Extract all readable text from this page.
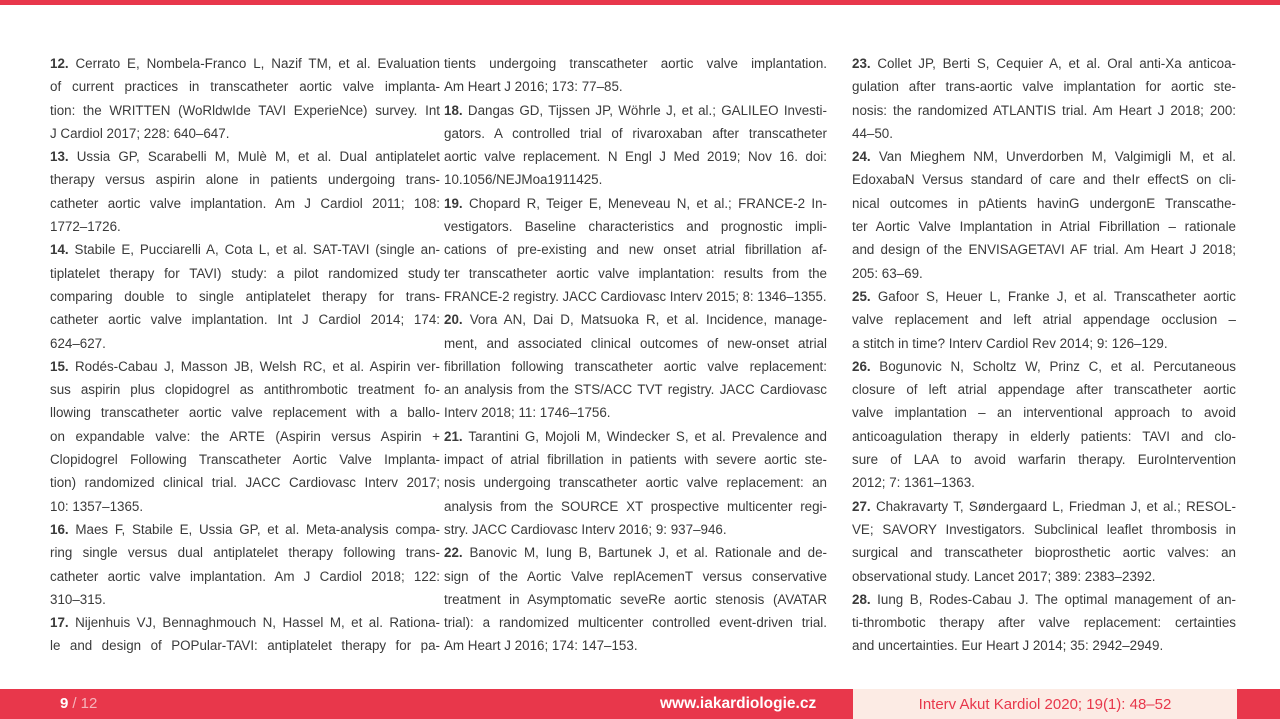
12. Cerrato E, Nombela-Franco L, Nazif TM, et al. Evaluation
of current practices in transcatheter aortic valve implanta-
tion: the WRITTEN (WoRldwIde TAVI ExperieNce) survey. Int
J Cardiol 2017; 228: 640–647.
13. Ussia GP, Scarabelli M, Mulè M, et al. Dual antiplatelet
therapy versus aspirin alone in patients undergoing trans-
catheter aortic valve implantation. Am J Cardiol 2011; 108:
1772–1726.
14. Stabile E, Pucciarelli A, Cota L, et al. SAT-TAVI (single an-
tiplatelet therapy for TAVI) study: a pilot randomized study
comparing double to single antiplatelet therapy for trans-
catheter aortic valve implantation. Int J Cardiol 2014; 174:
624–627.
15. Rodés-Cabau J, Masson JB, Welsh RC, et al. Aspirin ver-
sus aspirin plus clopidogrel as antithrombotic treatment fo-
llowing transcatheter aortic valve replacement with a ballo-
on expandable valve: the ARTE (Aspirin versus Aspirin +
Clopidogrel Following Transcatheter Aortic Valve Implanta-
tion) randomized clinical trial. JACC Cardiovasc Interv 2017;
10: 1357–1365.
16. Maes F, Stabile E, Ussia GP, et al. Meta-analysis compa-
ring single versus dual antiplatelet therapy following trans-
catheter aortic valve implantation. Am J Cardiol 2018; 122:
310–315.
17. Nijenhuis VJ, Bennaghmouch N, Hassel M, et al. Rationa-
le and design of POPular-TAVI: antiplatelet therapy for pa-
tients undergoing transcatheter aortic valve implantation.
Am Heart J 2016; 173: 77–85.
18. Dangas GD, Tijssen JP, Wöhrle J, et al.; GALILEO Investi-
gators. A controlled trial of rivaroxaban after transcatheter
aortic valve replacement. N Engl J Med 2019; Nov 16. doi:
10.1056/NEJMoa1911425.
19. Chopard R, Teiger E, Meneveau N, et al.; FRANCE-2 In-
vestigators. Baseline characteristics and prognostic impli-
cations of pre-existing and new onset atrial fibrillation af-
ter transcatheter aortic valve implantation: results from the
FRANCE-2 registry. JACC Cardiovasc Interv 2015; 8: 1346–1355.
20. Vora AN, Dai D, Matsuoka R, et al. Incidence, manage-
ment, and associated clinical outcomes of new-onset atrial
fibrillation following transcatheter aortic valve replacement:
an analysis from the STS/ACC TVT registry. JACC Cardiovasc
Interv 2018; 11: 1746–1756.
21. Tarantini G, Mojoli M, Windecker S, et al. Prevalence and
impact of atrial fibrillation in patients with severe aortic ste-
nosis undergoing transcatheter aortic valve replacement: an
analysis from the SOURCE XT prospective multicenter regi-
stry. JACC Cardiovasc Interv 2016; 9: 937–946.
22. Banovic M, Iung B, Bartunek J, et al. Rationale and de-
sign of the Aortic Valve replAcemenT versus conservative
treatment in Asymptomatic seveRe aortic stenosis (AVATAR
trial): a randomized multicenter controlled event-driven trial.
Am Heart J 2016; 174: 147–153.
23. Collet JP, Berti S, Cequier A, et al. Oral anti-Xa anticoa-
gulation after trans-aortic valve implantation for aortic ste-
nosis: the randomized ATLANTIS trial. Am Heart J 2018; 200:
44–50.
24. Van Mieghem NM, Unverdorben M, Valgimigli M, et al.
EdoxabaN Versus standard of care and theIr effectS on cli-
nical outcomes in pAtients havinG undergonE Transcathe-
ter Aortic Valve Implantation in Atrial Fibrillation – rationale
and design of the ENVISAGETAVI AF trial. Am Heart J 2018;
205: 63–69.
25. Gafoor S, Heuer L, Franke J, et al. Transcatheter aortic
valve replacement and left atrial appendage occlusion –
a stitch in time? Interv Cardiol Rev 2014; 9: 126–129.
26. Bogunovic N, Scholtz W, Prinz C, et al. Percutaneous
closure of left atrial appendage after transcatheter aortic
valve implantation – an interventional approach to avoid
anticoagulation therapy in elderly patients: TAVI and clo-
sure of LAA to avoid warfarin therapy. EuroIntervention
2012; 7: 1361–1363.
27. Chakravarty T, Søndergaard L, Friedman J, et al.; RESOL-
VE; SAVORY Investigators. Subclinical leaflet thrombosis in
surgical and transcatheter bioprosthetic aortic valves: an
observational study. Lancet 2017; 389: 2383–2392.
28. Iung B, Rodes-Cabau J. The optimal management of an-
ti-thrombotic therapy after valve replacement: certainties
and uncertainties. Eur Heart J 2014; 35: 2942–2949.
9 / 12	www.iakardiologie.cz	Interv Akut Kardiol 2020; 19(1): 48–52
